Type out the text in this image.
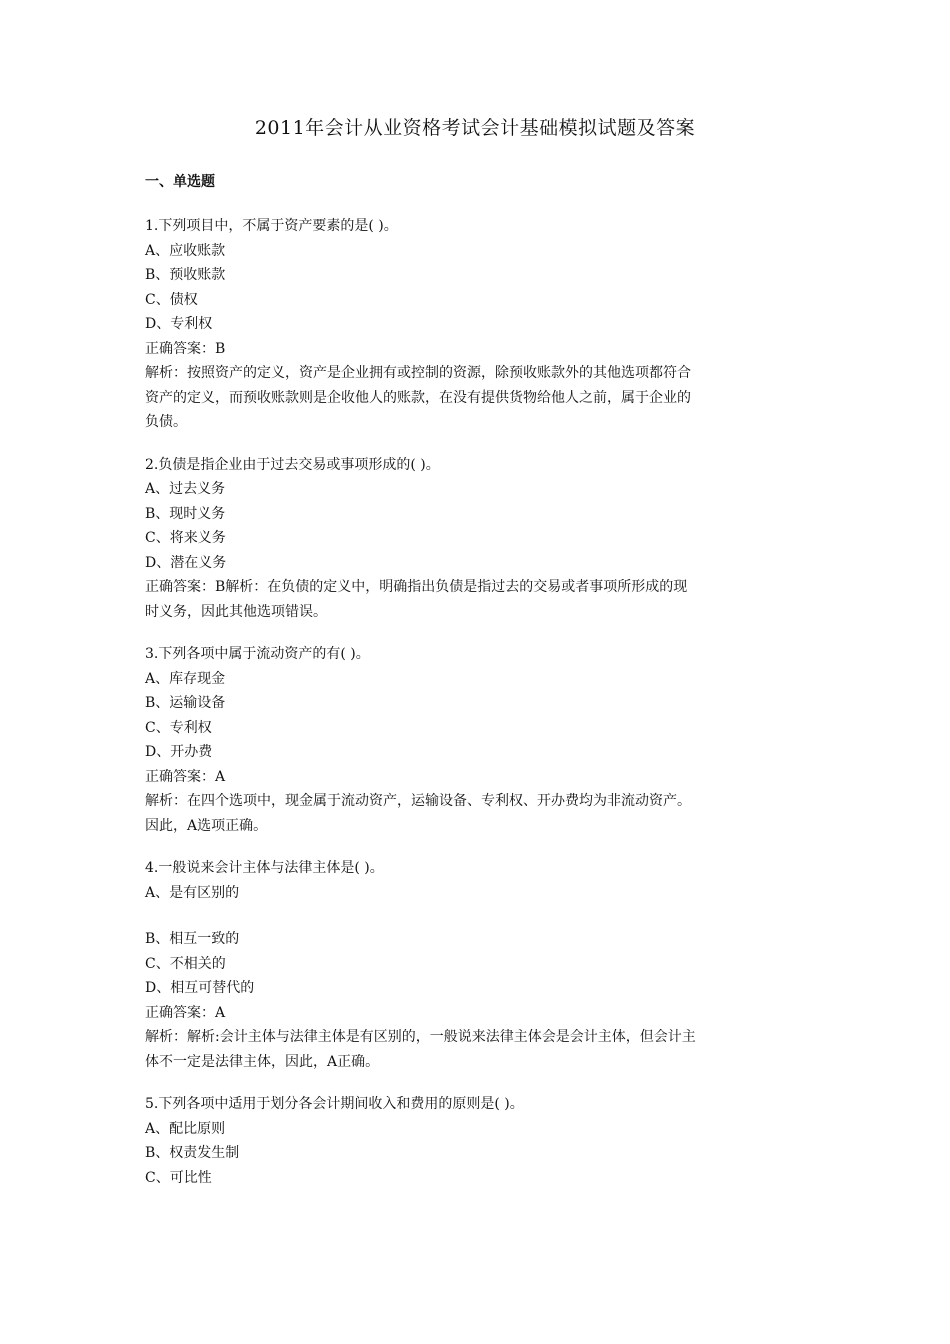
2011年会计从业资格考试会计基础模拟试题及答案
一、单选题

1.下列项目中，不属于资产要素的是( )。

A、应收账款

B、预收账款

C、债权

D、专利权

正确答案：B

解析：按照资产的定义，资产是企业拥有或控制的资源，除预收账款外的其他选项都符合

资产的定义，而预收账款则是企收他人的账款，在没有提供货物给他人之前，属于企业的

负债。

2.负债是指企业由于过去交易或事项形成的( )。

A、过去义务

B、现时义务

C、将来义务

D、潜在义务

正确答案：B解析：在负债的定义中，明确指出负债是指过去的交易或者事项所形成的现

时义务，因此其他选项错误。

3.下列各项中属于流动资产的有( )。

A、库存现金

B、运输设备

C、专利权

D、开办费

正确答案：A

解析：在四个选项中，现金属于流动资产，运输设备、专利权、开办费均为非流动资产。

因此，A选项正确。

4.一般说来会计主体与法律主体是( )。

A、是有区别的

B、相互一致的

C、不相关的

D、相互可替代的

正确答案：A

解析：解析:会计主体与法律主体是有区别的，一般说来法律主体会是会计主体，但会计主

体不一定是法律主体，因此，A正确。

5.下列各项中适用于划分各会计期间收入和费用的原则是( )。

A、配比原则

B、权责发生制

C、可比性
